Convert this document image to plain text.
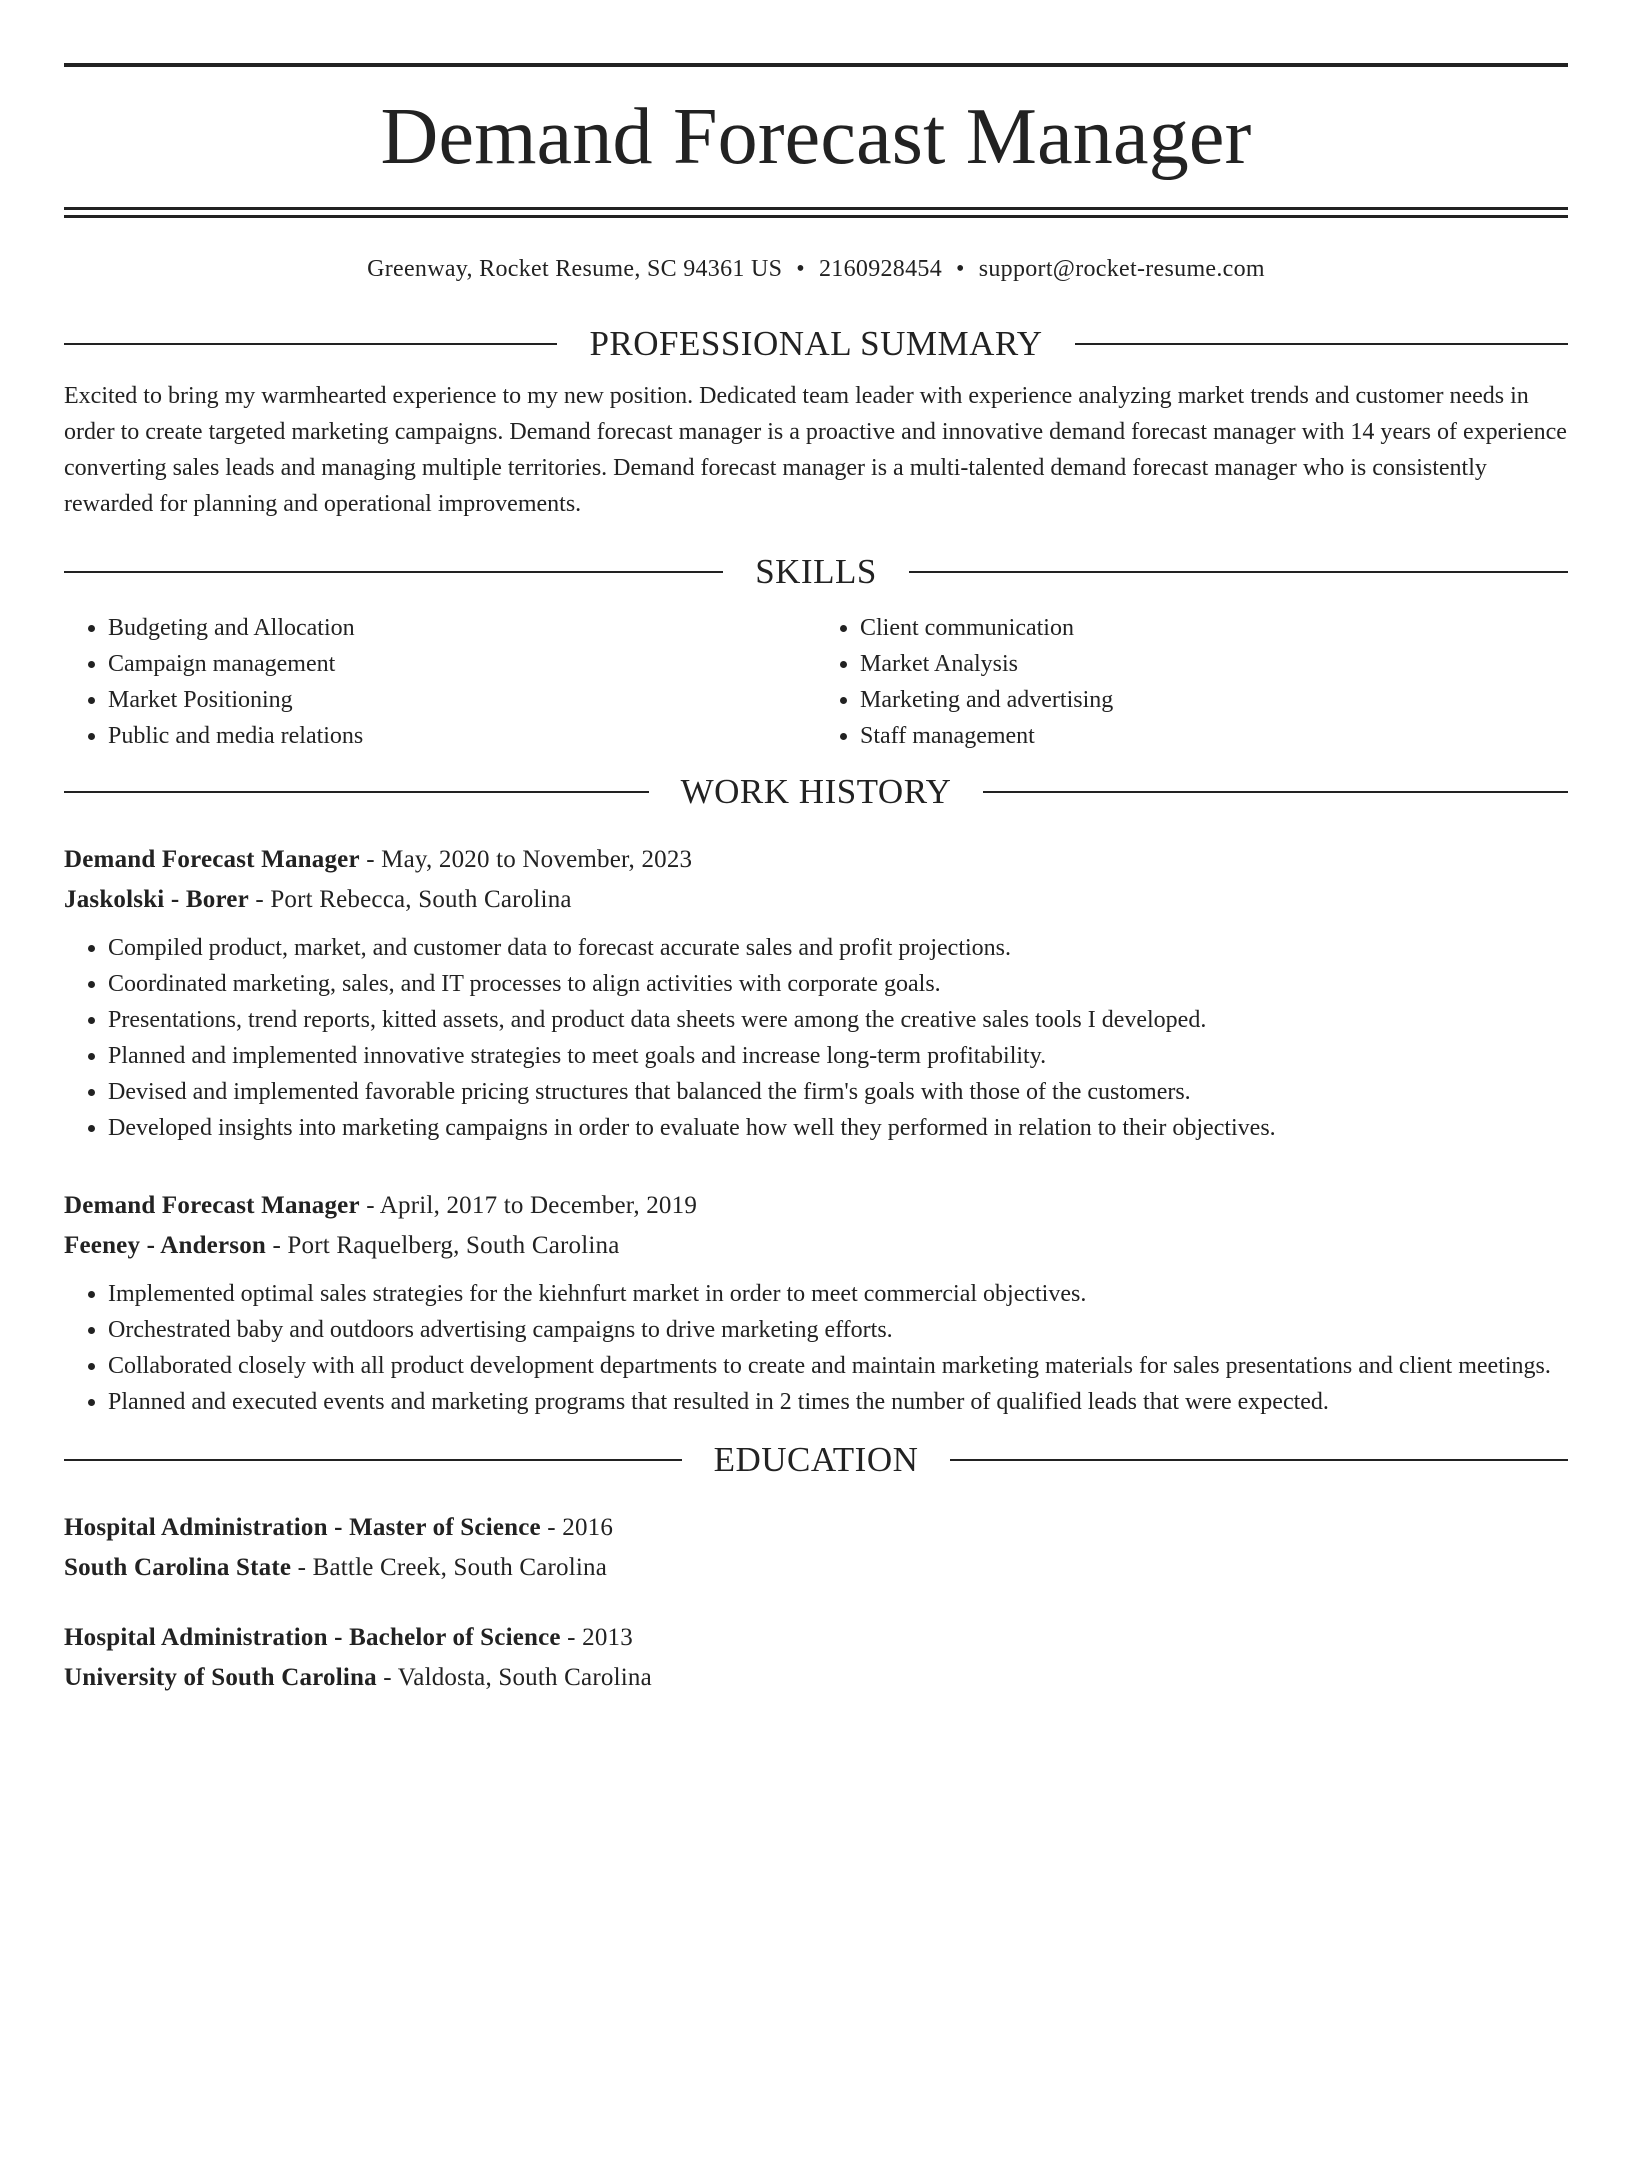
Demand Forecast Manager
Greenway, Rocket Resume, SC 94361 US • 2160928454 • support@rocket-resume.com
PROFESSIONAL SUMMARY

Excited to bring my warmhearted experience to my new position. Dedicated team leader with experience analyzing market trends and customer needs in order to create targeted marketing campaigns. Demand forecast manager is a proactive and innovative demand forecast manager with 14 years of experience converting sales leads and managing multiple territories. Demand forecast manager is a multi-talented demand forecast manager who is consistently rewarded for planning and operational improvements.

SKILLS
• Budgeting and Allocation
• Campaign management
• Market Positioning
• Public and media relations
• Client communication
• Market Analysis
• Marketing and advertising
• Staff management
WORK HISTORY
Demand Forecast Manager - May, 2020 to November, 2023
Jaskolski - Borer - Port Rebecca, South Carolina
• Compiled product, market, and customer data to forecast accurate sales and profit projections.
• Coordinated marketing, sales, and IT processes to align activities with corporate goals.
• Presentations, trend reports, kitted assets, and product data sheets were among the creative sales tools I developed.
• Planned and implemented innovative strategies to meet goals and increase long-term profitability.
• Devised and implemented favorable pricing structures that balanced the firm's goals with those of the customers.
• Developed insights into marketing campaigns in order to evaluate how well they performed in relation to their objectives.
Demand Forecast Manager - April, 2017 to December, 2019
Feeney - Anderson - Port Raquelberg, South Carolina
• Implemented optimal sales strategies for the kiehnfurt market in order to meet commercial objectives.
• Orchestrated baby and outdoors advertising campaigns to drive marketing efforts.
• Collaborated closely with all product development departments to create and maintain marketing materials for sales presentations and client meetings.
• Planned and executed events and marketing programs that resulted in 2 times the number of qualified leads that were expected.
EDUCATION
Hospital Administration - Master of Science - 2016
South Carolina State - Battle Creek, South Carolina
Hospital Administration - Bachelor of Science - 2013
University of South Carolina - Valdosta, South Carolina
